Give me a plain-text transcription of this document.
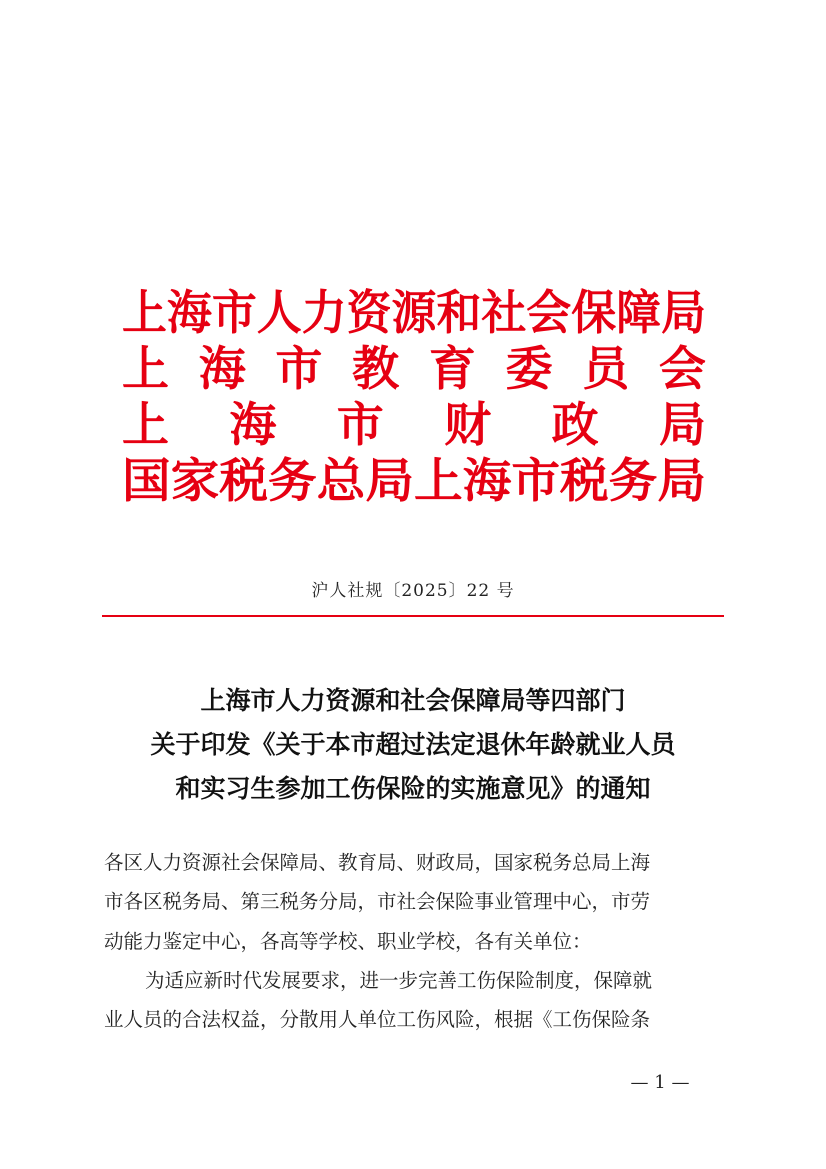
上海市人力资源和社会保障局
上 海 市 教 育 委 员 会
上 海 市 财 政 局
国家税务总局上海市税务局
沪人社规〔2025〕22 号
上海市人力资源和社会保障局等四部门
关于印发《关于本市超过法定退休年龄就业人员
和实习生参加工伤保险的实施意见》的通知
各区人力资源社会保障局、教育局、财政局，国家税务总局上海
市各区税务局、第三税务分局，市社会保险事业管理中心，市劳
动能力鉴定中心，各高等学校、职业学校，各有关单位：
为适应新时代发展要求，进一步完善工伤保险制度，保障就
业人员的合法权益，分散用人单位工伤风险，根据《工伤保险条
— 1 —
